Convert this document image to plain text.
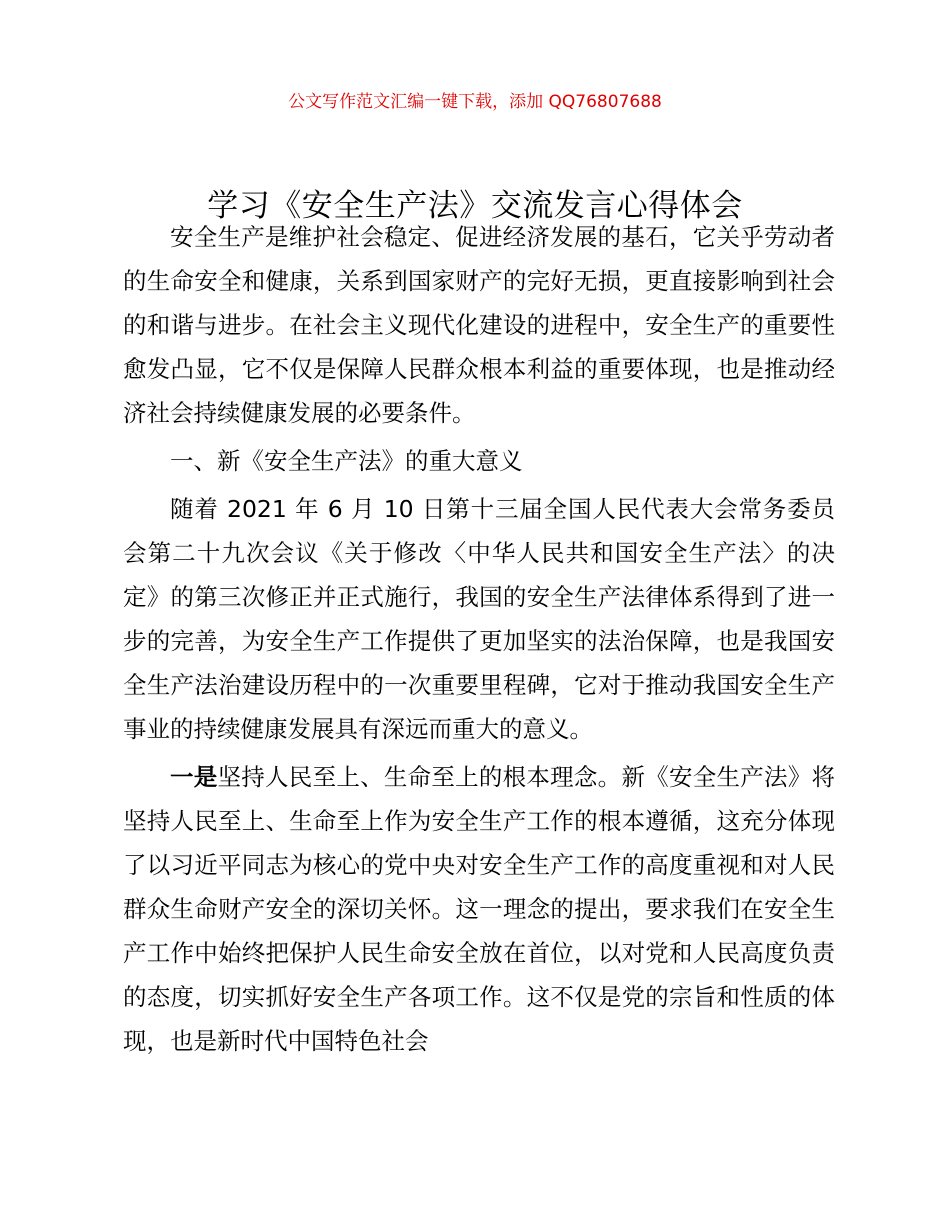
公文写作范文汇编一键下载，添加 QQ76807688
学习《安全生产法》交流发言心得体会

安全生产是维护社会稳定、促进经济发展的基石，它关乎劳动者的生命安全和健康，关系到国家财产的完好无损，更直接影响到社会的和谐与进步。在社会主义现代化建设的进程中，安全生产的重要性愈发凸显，它不仅是保障人民群众根本利益的重要体现，也是推动经济社会持续健康发展的必要条件。

一、新《安全生产法》的重大意义

随着 2021 年 6 月 10 日第十三届全国人民代表大会常务委员会第二十九次会议《关于修改〈中华人民共和国安全生产法〉的决定》的第三次修正并正式施行，我国的安全生产法律体系得到了进一步的完善，为安全生产工作提供了更加坚实的法治保障，也是我国安全生产法治建设历程中的一次重要里程碑，它对于推动我国安全生产事业的持续健康发展具有深远而重大的意义。

一是坚持人民至上、生命至上的根本理念。新《安全生产法》将坚持人民至上、生命至上作为安全生产工作的根本遵循，这充分体现了以习近平同志为核心的党中央对安全生产工作的高度重视和对人民群众生命财产安全的深切关怀。这一理念的提出，要求我们在安全生产工作中始终把保护人民生命安全放在首位，以对党和人民高度负责的态度，切实抓好安全生产各项工作。这不仅是党的宗旨和性质的体现，也是新时代中国特色社会
